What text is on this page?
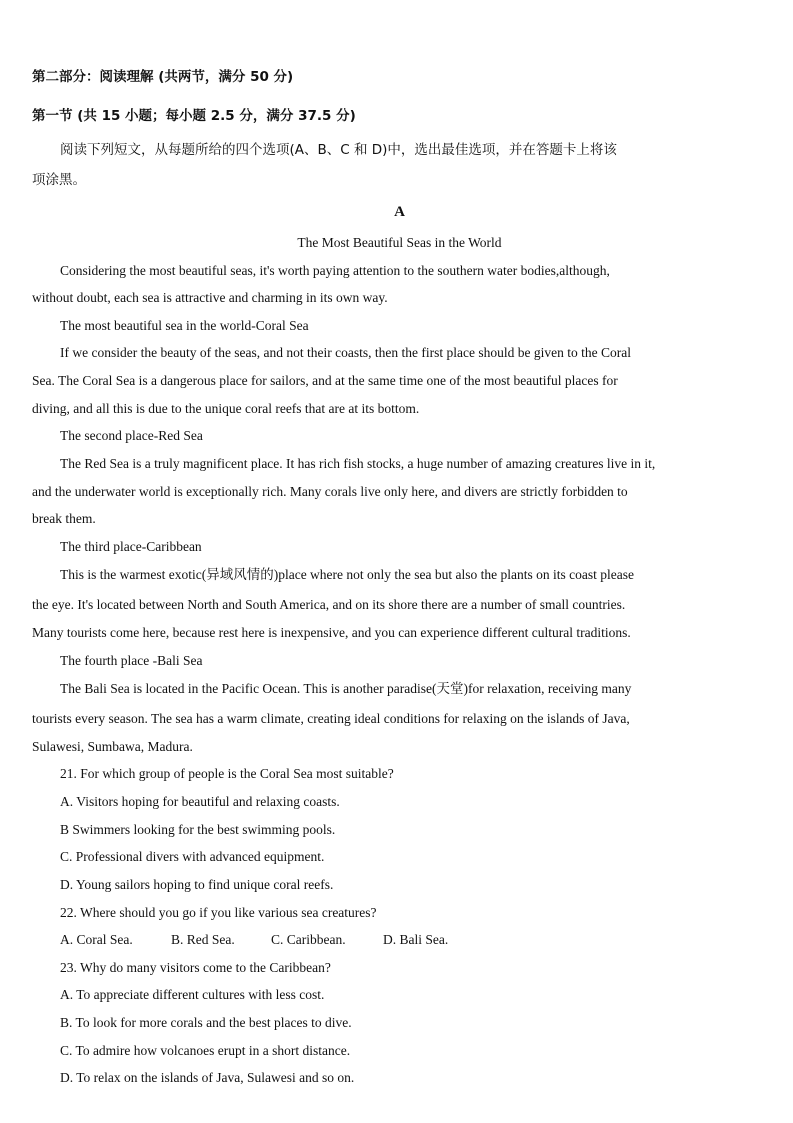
第二部分：阅读理解 (共两节，满分 50 分)
第一节 (共 15 小题；每小题 2.5 分，满分 37.5 分)
阅读下列短文，从每题所给的四个选项(A、B、C 和 D)中，选出最佳选项，并在答题卡上将该
项涂黑。
A
The Most Beautiful Seas in the World
Considering the most beautiful seas, it's worth paying attention to the southern water bodies,although,
without doubt, each sea is attractive and charming in its own way.
The most beautiful sea in the world-Coral Sea
If we consider the beauty of the seas, and not their coasts, then the first place should be given to the Coral
Sea. The Coral Sea is a dangerous place for sailors, and at the same time one of the most beautiful places for
diving, and all this is due to the unique coral reefs that are at its bottom.
The second place-Red Sea
The Red Sea is a truly magnificent place. It has rich fish stocks, a huge number of amazing creatures live in it,
and the underwater world is exceptionally rich. Many corals live only here, and divers are strictly forbidden to
break them.
The third place-Caribbean
This is the warmest exotic(异域风情的)place where not only the sea but also the plants on its coast please
the eye. It's located between North and South America, and on its shore there are a number of small countries.
Many tourists come here, because rest here is inexpensive, and you can experience different cultural traditions.
The fourth place -Bali Sea
The Bali Sea is located in the Pacific Ocean. This is another paradise(天堂)for relaxation, receiving many
tourists every season. The sea has a warm climate, creating ideal conditions for relaxing on the islands of Java,
Sulawesi, Sumbawa, Madura.
21. For which group of people is the Coral Sea most suitable?
A. Visitors hoping for beautiful and relaxing coasts.
B Swimmers looking for the best swimming pools.
C. Professional divers with advanced equipment.
D. Young sailors hoping to find unique coral reefs.
22. Where should you go if you like various sea creatures?
A. Coral Sea.	B. Red Sea.	C. Caribbean.	D. Bali Sea.
23. Why do many visitors come to the Caribbean?
A. To appreciate different cultures with less cost.
B. To look for more corals and the best places to dive.
C. To admire how volcanoes erupt in a short distance.
D. To relax on the islands of Java, Sulawesi and so on.
